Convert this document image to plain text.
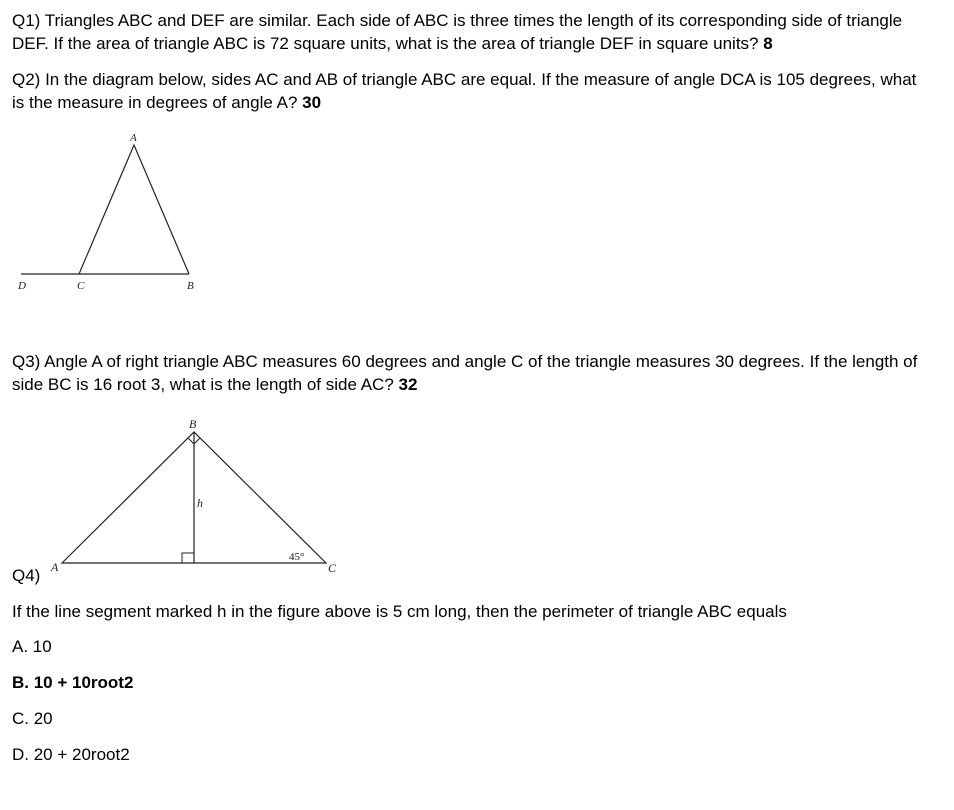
Q1) Triangles ABC and DEF are similar. Each side of ABC is three times the length of its corresponding side of triangle DEF. If the area of triangle ABC is 72 square units, what is the area of triangle DEF in square units? 8

Q2) In the diagram below, sides AC and AB of triangle ABC are equal. If the measure of angle DCA is 105 degrees, what is the measure in degrees of angle A? 30

A
D	C	B

Q3) Angle A of right triangle ABC measures 60 degrees and angle C of the triangle measures 30 degrees. If the length of side BC is 16 root 3, what is the length of side AC? 32

B
A	C
h
45°
Q4)

If the line segment marked h in the figure above is 5 cm long, then the perimeter of triangle ABC equals

A. 10
B. 10 + 10root2
C. 20
D. 20 + 20root2
